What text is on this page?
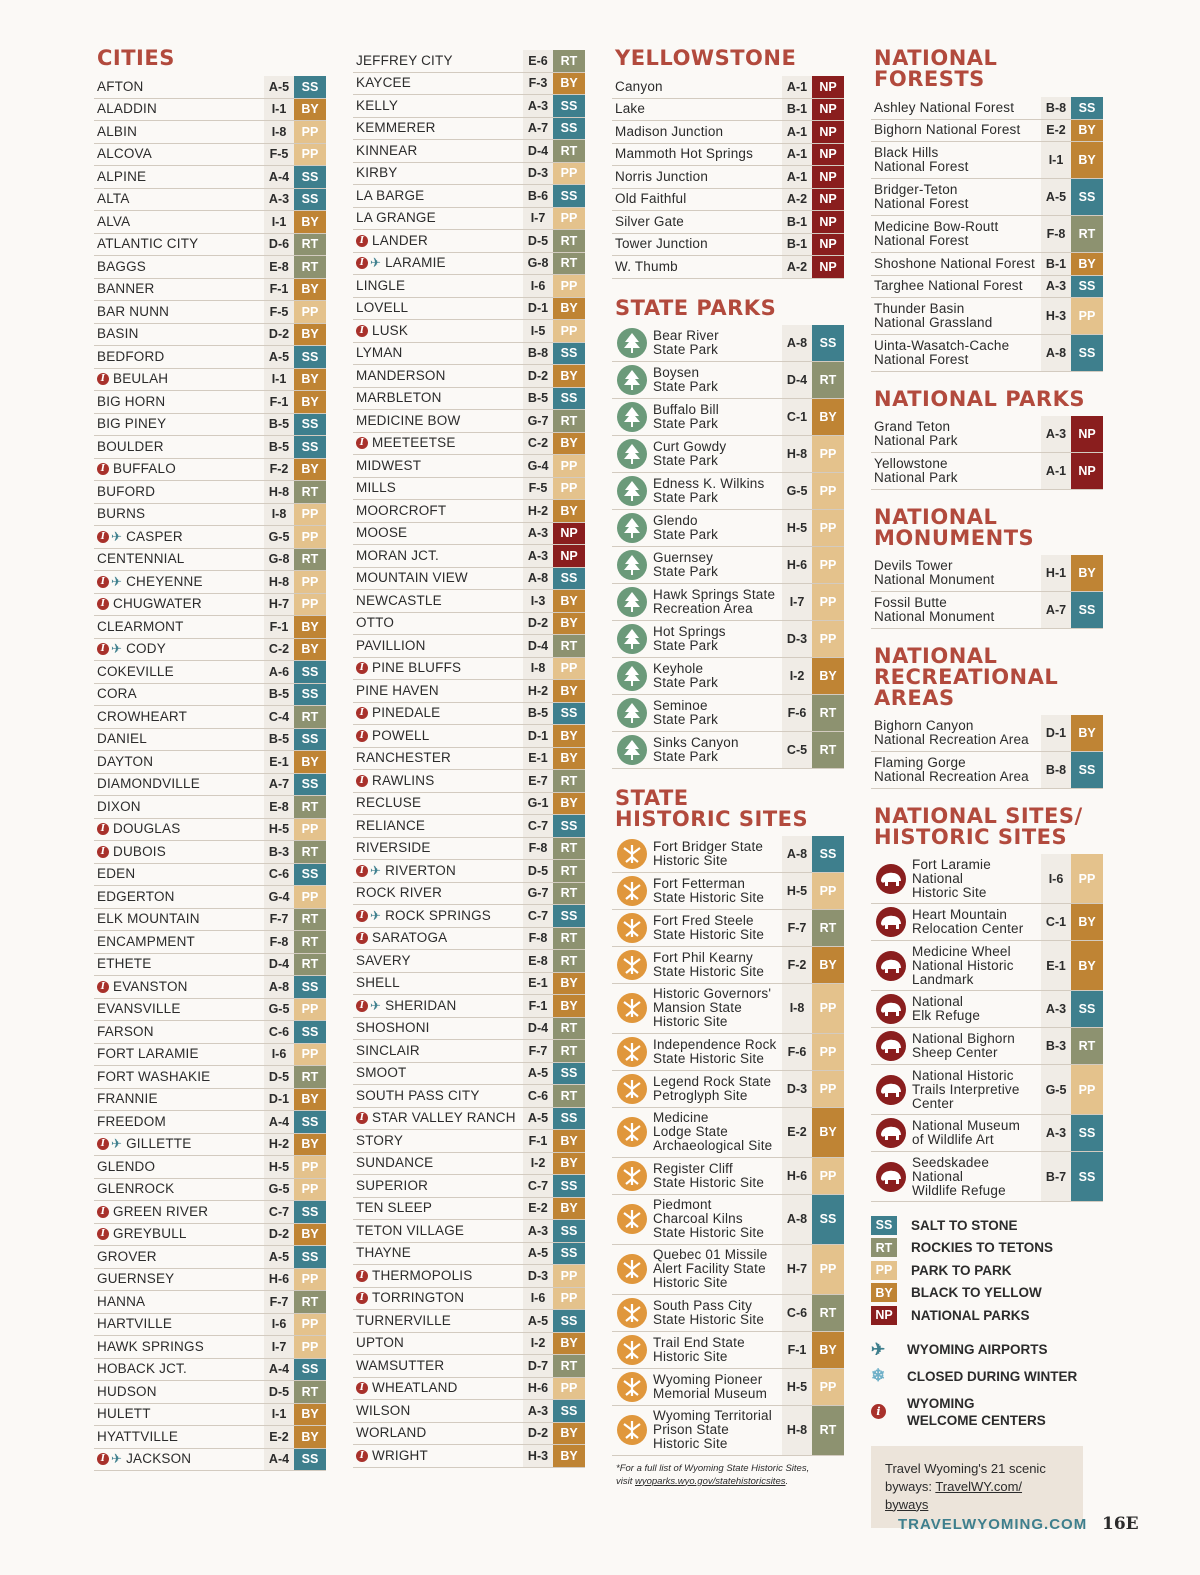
CITIES
AFTON	A-5	SS
ALADDIN	I-1	BY
ALBIN	I-8	PP
ALCOVA	F-5	PP
ALPINE	A-4	SS
ALTA	A-3	SS
ALVA	I-1	BY
ATLANTIC CITY	D-6	RT
BAGGS	E-8	RT
BANNER	F-1	BY
BAR NUNN	F-5	PP
BASIN	D-2 BY
BEDFORD	A-5	SS
I BEULAH	I-1	BY
BIG HORN	F-1	BY
BIG PINEY	B-5	SS
BOULDER	B-5	SS
I BUFFALO	F-2	BY
BUFORD	H-8	RT
BURNS	I-8	PP
I ✈ CASPER	G-5 PP
CENTENNIAL	G-8 RT
I ✈ CHEYENNE	H-8	PP
I CHUGWATER	H-7	PP
CLEARMONT	F-1	BY
I ✈ CODY	C-2 BY
COKEVILLE	A-6	SS
CORA	B-5	SS
CROWHEART	C-4	RT
DANIEL	B-5	SS
DAYTON	E-1	BY
DIAMONDVILLE	A-7	SS
DIXON	E-8	RT
I DOUGLAS	H-5	PP
I DUBOIS	B-3	RT
EDEN	C-6	SS
EDGERTON	G-4 PP
ELK MOUNTAIN	F-7	RT
ENCAMPMENT	F-8	RT
ETHETE	D-4	RT
I EVANSTON	A-8	SS
EVANSVILLE	G-5 PP
FARSON	C-6	SS
FORT LARAMIE	I-6	PP
FORT WASHAKIE	D-5	RT
FRANNIE	D-1 BY
FREEDOM	A-4	SS
I ✈ GILLETTE	H-2 BY
GLENDO	H-5	PP
GLENROCK	G-5 PP
I GREEN RIVER	C-7	SS
I GREYBULL	D-2 BY
GROVER	A-5	SS
GUERNSEY	H-6	PP
HANNA	F-7	RT
HARTVILLE	I-6	PP
HAWK SPRINGS	I-7	PP
HOBACK JCT.	A-4	SS
HUDSON	D-5	RT
HULETT	I-1	BY
HYATTVILLE	E-2	BY
I ✈ JACKSON	A-4	SS
JEFFREY CITY	E-6	RT
KAYCEE	F-3	BY
KELLY	A-3	SS
KEMMERER	A-7	SS
KINNEAR	D-4	RT
KIRBY	D-3	PP
LA BARGE	B-6	SS
LA GRANGE	I-7	PP
I LANDER	D-5	RT
I ✈ LARAMIE	G-8 RT
LINGLE	I-6	PP
LOVELL	D-1 BY
I LUSK	I-5	PP
LYMAN	B-8	SS
MANDERSON	D-2 BY
MARBLETON	B-5	SS
MEDICINE BOW	G-7 RT
I MEETEETSE	C-2 BY
MIDWEST	G-4 PP
MILLS	F-5	PP
MOORCROFT	H-2 BY
MOOSE	A-3 NP
MORAN JCT.	A-3 NP
MOUNTAIN VIEW	A-8	SS
NEWCASTLE	I-3	BY
OTTO	D-2 BY
PAVILLION	D-4	RT
I PINE BLUFFS	I-8	PP
PINE HAVEN	H-2 BY
I PINEDALE	B-5	SS
I POWELL	D-1 BY
RANCHESTER	E-1	BY
I RAWLINS	E-7	RT
RECLUSE	G-1 BY
RELIANCE	C-7	SS
RIVERSIDE	F-8	RT
I ✈ RIVERTON	D-5	RT
ROCK RIVER	G-7 RT
I ✈ ROCK SPRINGS	C-7	SS
I SARATOGA	F-8	RT
SAVERY	E-8	RT
SHELL	E-1	BY
I ✈ SHERIDAN	F-1	BY
SHOSHONI	D-4	RT
SINCLAIR	F-7	RT
SMOOT	A-5	SS
SOUTH PASS CITY	C-6	RT
I STAR VALLEY RANCH A-5	SS
STORY	F-1	BY
SUNDANCE	I-2	BY
SUPERIOR	C-7	SS
TEN SLEEP	E-2	BY
TETON VILLAGE	A-3	SS
THAYNE	A-5	SS
I THERMOPOLIS	D-3	PP
I TORRINGTON	I-6	PP
TURNERVILLE	A-5	SS
UPTON	I-2	BY
WAMSUTTER	D-7	RT
I WHEATLAND	H-6	PP
WILSON	A-3	SS
WORLAND	D-2 BY
I WRIGHT	H-3 BY
YELLOWSTONE
Canyon	A-1 NP
Lake	B-1 NP
Madison Junction	A-1 NP
Mammoth Hot Springs	A-1 NP
Norris Junction	A-1 NP
Old Faithful	A-2 NP
Silver Gate	B-1 NP
Tower Junction	B-1 NP
W. Thumb	A-2 NP
STATE PARKS
Bear River
State Park	A-8	SS
Boysen
State Park	D-4	RT
Buffalo Bill
State Park	C-1 BY
Curt Gowdy
State Park	H-8	PP
Edness K. Wilkins
State Park	G-5 PP
Glendo
State Park	H-5	PP
Guernsey
State Park	H-6	PP
Hawk Springs State
Recreation Area	I-7	PP
Hot Springs
State Park	D-3	PP
Keyhole
State Park	I-2	BY
Seminoe
State Park	F-6	RT
Sinks Canyon
State Park	C-5	RT
STATE
HISTORIC SITES
Fort Bridger State
Historic Site	A-8	SS
Fort Fetterman
State Historic Site	H-5	PP
Fort Fred Steele
State Historic Site	F-7	RT
Fort Phil Kearny
State Historic Site	F-2	BY
Historic Governors'
Mansion State
Historic Site
I-8	PP
Independence Rock
State Historic Site	F-6	PP
Legend Rock State
Petroglyph Site	D-3	PP
Medicine
Lodge State
Archaeological Site
E-2	BY
Register Cliff
State Historic Site	H-6	PP
Piedmont
Charcoal Kilns
State Historic Site
A-8	SS
Quebec 01 Missile
Alert Facility State
Historic Site
H-7	PP
South Pass City
State Historic Site	C-6	RT
Trail End State
Historic Site	F-1	BY
Wyoming Pioneer
Memorial Museum	H-5	PP
Wyoming Territorial
Prison State
Historic Site
H-8	RT
*For a full list of Wyoming State Historic Sites,
visit wyoparks.wyo.gov/statehistoricsites.
NATIONAL FORESTS
Ashley National Forest	B-8	SS
Bighorn National Forest	E-2	BY
Black Hills
National Forest	I-1	BY
Bridger-Teton
National Forest	A-5	SS
Medicine Bow-Routt
National Forest	F-8	RT
Shoshone National Forest B-1 BY
Targhee National Forest	A-3	SS
Thunder Basin
National Grassland	H-3	PP
Uinta-Wasatch-Cache
National Forest	A-8	SS
NATIONAL PARKS
Grand Teton
National Park	A-3 NP
Yellowstone
National Park	A-1 NP
NATIONAL
MONUMENTS
Devils Tower
National Monument	H-1 BY
Fossil Butte
National Monument	A-7	SS
NATIONAL
RECREATIONAL
AREAS
Bighorn Canyon
National Recreation Area	D-1 BY
Flaming Gorge
National Recreation Area	B-8	SS
NATIONAL SITES/
HISTORIC SITES
Fort Laramie
National
Historic Site
I-6	PP
Heart Mountain
Relocation Center	C-1 BY
Medicine Wheel
National Historic
Landmark
E-1	BY
National
Elk Refuge	A-3	SS
National Bighorn
Sheep Center	B-3	RT
National Historic
Trails Interpretive
Center
G-5 PP
National Museum
of Wildlife Art	A-3	SS
Seedskadee
National
Wildlife Refuge
B-7	SS
SS	SALT TO STONE
RT	ROCKIES TO TETONS
PP	PARK TO PARK
BY	BLACK TO YELLOW
NP	NATIONAL PARKS
✈	WYOMING AIRPORTS
❄	CLOSED DURING WINTER
i
WYOMING
WELCOME CENTERS
Travel Wyoming's 21 scenic
byways: TravelWY.com/
byways
TRAVELWYOMING.COM 16E
